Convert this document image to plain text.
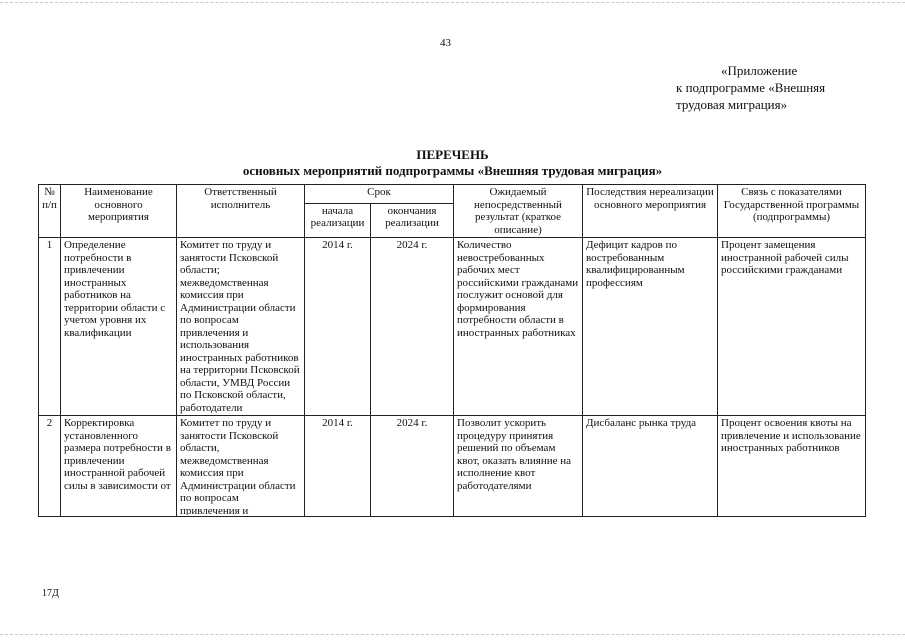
43
«Приложение
к подпрограмме «Внешняя
трудовая миграция»
ПЕРЕЧЕНЬ
основных мероприятий подпрограммы «Внешняя трудовая миграция»
№ п/п	Наименование основного мероприятия	Ответственный исполнитель	Срок		Ожидаемый непосредственный результат (краткое описание)	Последствия нереализации основного мероприятия	Связь с показателями Государственной программы (подпрограммы)
			начала реализации	окончания реализации			
1	Определение потребности в привлечении иностранных работников на территории области с учетом уровня их квалификации	Комитет по труду и занятости Псковской области; межведомственная комиссия при Администрации области по вопросам привлечения и использования иностранных работников на территории Псковской области, УМВД России по Псковской области, работодатели	2014 г.	2024 г.	Количество невостребованных рабочих мест российскими гражданами послужит основой для формирования потребности области в иностранных работниках	Дефицит кадров по востребованным квалифицированным профессиям	Процент замещения иностранной рабочей силы российскими гражданами

2	Корректировка установленного размера потребности в привлечении иностранной рабочей силы в зависимости от	Комитет по труду и занятости Псковской области, межведомственная комиссия при Администрации области по вопросам привлечения и	2014 г.	2024 г.	Позволит ускорить процедуру принятия решений по объемам квот, оказать влияние на исполнение квот работодателями	Дисбаланс рынка труда	Процент освоения квоты на привлечение и использование иностранных работников
17Д
